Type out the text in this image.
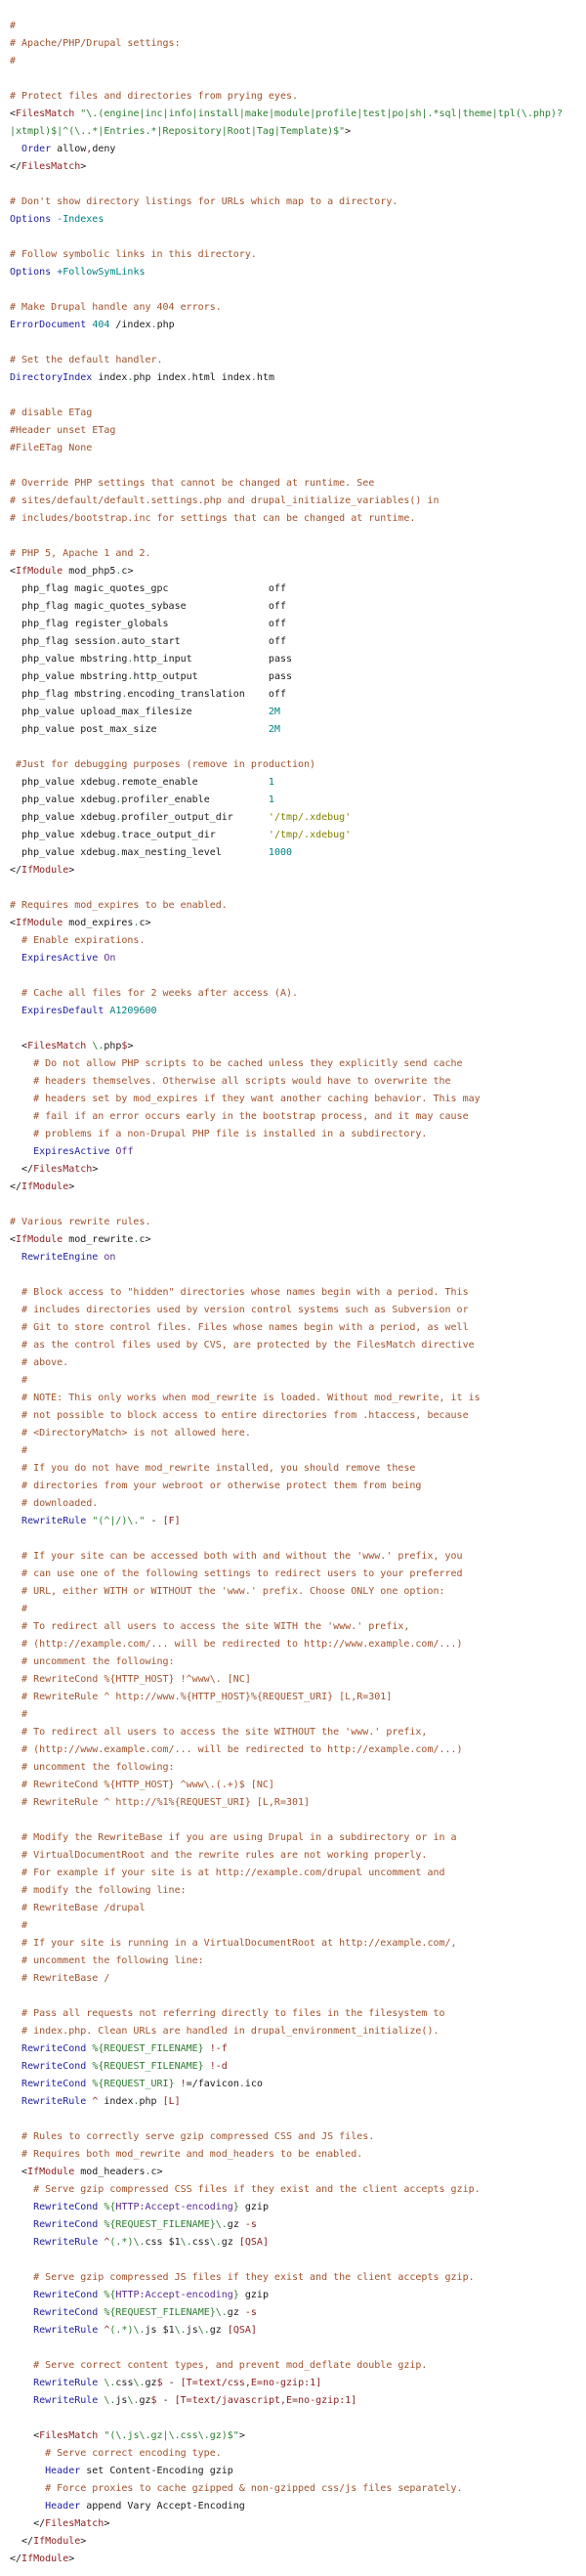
#
# Apache/PHP/Drupal settings:
#

# Protect files and directories from prying eyes.
<FilesMatch "\.(engine|inc|info|install|make|module|profile|test|po|sh|.*sql|theme|tpl(\.php)?
|xtmpl)$|^(\..*|Entries.*|Repository|Root|Tag|Template)$">
Order allow,deny
</FilesMatch>

# Don't show directory listings for URLs which map to a directory.
Options -Indexes

# Follow symbolic links in this directory.
Options +FollowSymLinks

# Make Drupal handle any 404 errors.
ErrorDocument 404 /index.php

# Set the default handler.
DirectoryIndex index.php index.html index.htm

# disable ETag
#Header unset ETag
#FileETag None

# Override PHP settings that cannot be changed at runtime. See
# sites/default/default.settings.php and drupal_initialize_variables() in
# includes/bootstrap.inc for settings that can be changed at runtime.

# PHP 5, Apache 1 and 2.
<IfModule mod_php5.c>
php_flag magic_quotes_gpc                 off
php_flag magic_quotes_sybase              off
php_flag register_globals                 off
php_flag session.auto_start               off
php_value mbstring.http_input             pass
php_value mbstring.http_output            pass
php_flag mbstring.encoding_translation    off
php_value upload_max_filesize             2M
php_value post_max_size                   2M

#Just for debugging purposes (remove in production)
php_value xdebug.remote_enable            1
php_value xdebug.profiler_enable          1
php_value xdebug.profiler_output_dir      '/tmp/.xdebug'
php_value xdebug.trace_output_dir         '/tmp/.xdebug'
php_value xdebug.max_nesting_level        1000
</IfModule>

# Requires mod_expires to be enabled.
<IfModule mod_expires.c>
# Enable expirations.
ExpiresActive On

# Cache all files for 2 weeks after access (A).
ExpiresDefault A1209600

<FilesMatch \.php$>
# Do not allow PHP scripts to be cached unless they explicitly send cache
# headers themselves. Otherwise all scripts would have to overwrite the
# headers set by mod_expires if they want another caching behavior. This may
# fail if an error occurs early in the bootstrap process, and it may cause
# problems if a non-Drupal PHP file is installed in a subdirectory.
ExpiresActive Off
</FilesMatch>
</IfModule>

# Various rewrite rules.
<IfModule mod_rewrite.c>
RewriteEngine on

# Block access to "hidden" directories whose names begin with a period. This
# includes directories used by version control systems such as Subversion or
# Git to store control files. Files whose names begin with a period, as well
# as the control files used by CVS, are protected by the FilesMatch directive
# above.
#
# NOTE: This only works when mod_rewrite is loaded. Without mod_rewrite, it is
# not possible to block access to entire directories from .htaccess, because
# <DirectoryMatch> is not allowed here.
#
# If you do not have mod_rewrite installed, you should remove these
# directories from your webroot or otherwise protect them from being
# downloaded.
RewriteRule "(^|/)\." - [F]

# If your site can be accessed both with and without the 'www.' prefix, you
# can use one of the following settings to redirect users to your preferred
# URL, either WITH or WITHOUT the 'www.' prefix. Choose ONLY one option:
#
# To redirect all users to access the site WITH the 'www.' prefix,
# (http://example.com/... will be redirected to http://www.example.com/...)
# uncomment the following:
# RewriteCond %{HTTP_HOST} !^www\. [NC]
# RewriteRule ^ http://www.%{HTTP_HOST}%{REQUEST_URI} [L,R=301]
#
# To redirect all users to access the site WITHOUT the 'www.' prefix,
# (http://www.example.com/... will be redirected to http://example.com/...)
# uncomment the following:
# RewriteCond %{HTTP_HOST} ^www\.(.+)$ [NC]
# RewriteRule ^ http://%1%{REQUEST_URI} [L,R=301]

# Modify the RewriteBase if you are using Drupal in a subdirectory or in a
# VirtualDocumentRoot and the rewrite rules are not working properly.
# For example if your site is at http://example.com/drupal uncomment and
# modify the following line:
# RewriteBase /drupal
#
# If your site is running in a VirtualDocumentRoot at http://example.com/,
# uncomment the following line:
# RewriteBase /

# Pass all requests not referring directly to files in the filesystem to
# index.php. Clean URLs are handled in drupal_environment_initialize().
RewriteCond %{REQUEST_FILENAME} !-f
RewriteCond %{REQUEST_FILENAME} !-d
RewriteCond %{REQUEST_URI} !=/favicon.ico
RewriteRule ^ index.php [L]

# Rules to correctly serve gzip compressed CSS and JS files.
# Requires both mod_rewrite and mod_headers to be enabled.
<IfModule mod_headers.c>
# Serve gzip compressed CSS files if they exist and the client accepts gzip.
RewriteCond %{HTTP:Accept-encoding} gzip
RewriteCond %{REQUEST_FILENAME}\.gz -s
RewriteRule ^(.*)\.css $1\.css\.gz [QSA]

# Serve gzip compressed JS files if they exist and the client accepts gzip.
RewriteCond %{HTTP:Accept-encoding} gzip
RewriteCond %{REQUEST_FILENAME}\.gz -s
RewriteRule ^(.*)\.js $1\.js\.gz [QSA]

# Serve correct content types, and prevent mod_deflate double gzip.
RewriteRule \.css\.gz$ - [T=text/css,E=no-gzip:1]
RewriteRule \.js\.gz$ - [T=text/javascript,E=no-gzip:1]

<FilesMatch "(\.js\.gz|\.css\.gz)$">
# Serve correct encoding type.
Header set Content-Encoding gzip
# Force proxies to cache gzipped & non-gzipped css/js files separately.
Header append Vary Accept-Encoding
</FilesMatch>
</IfModule>
</IfModule>
